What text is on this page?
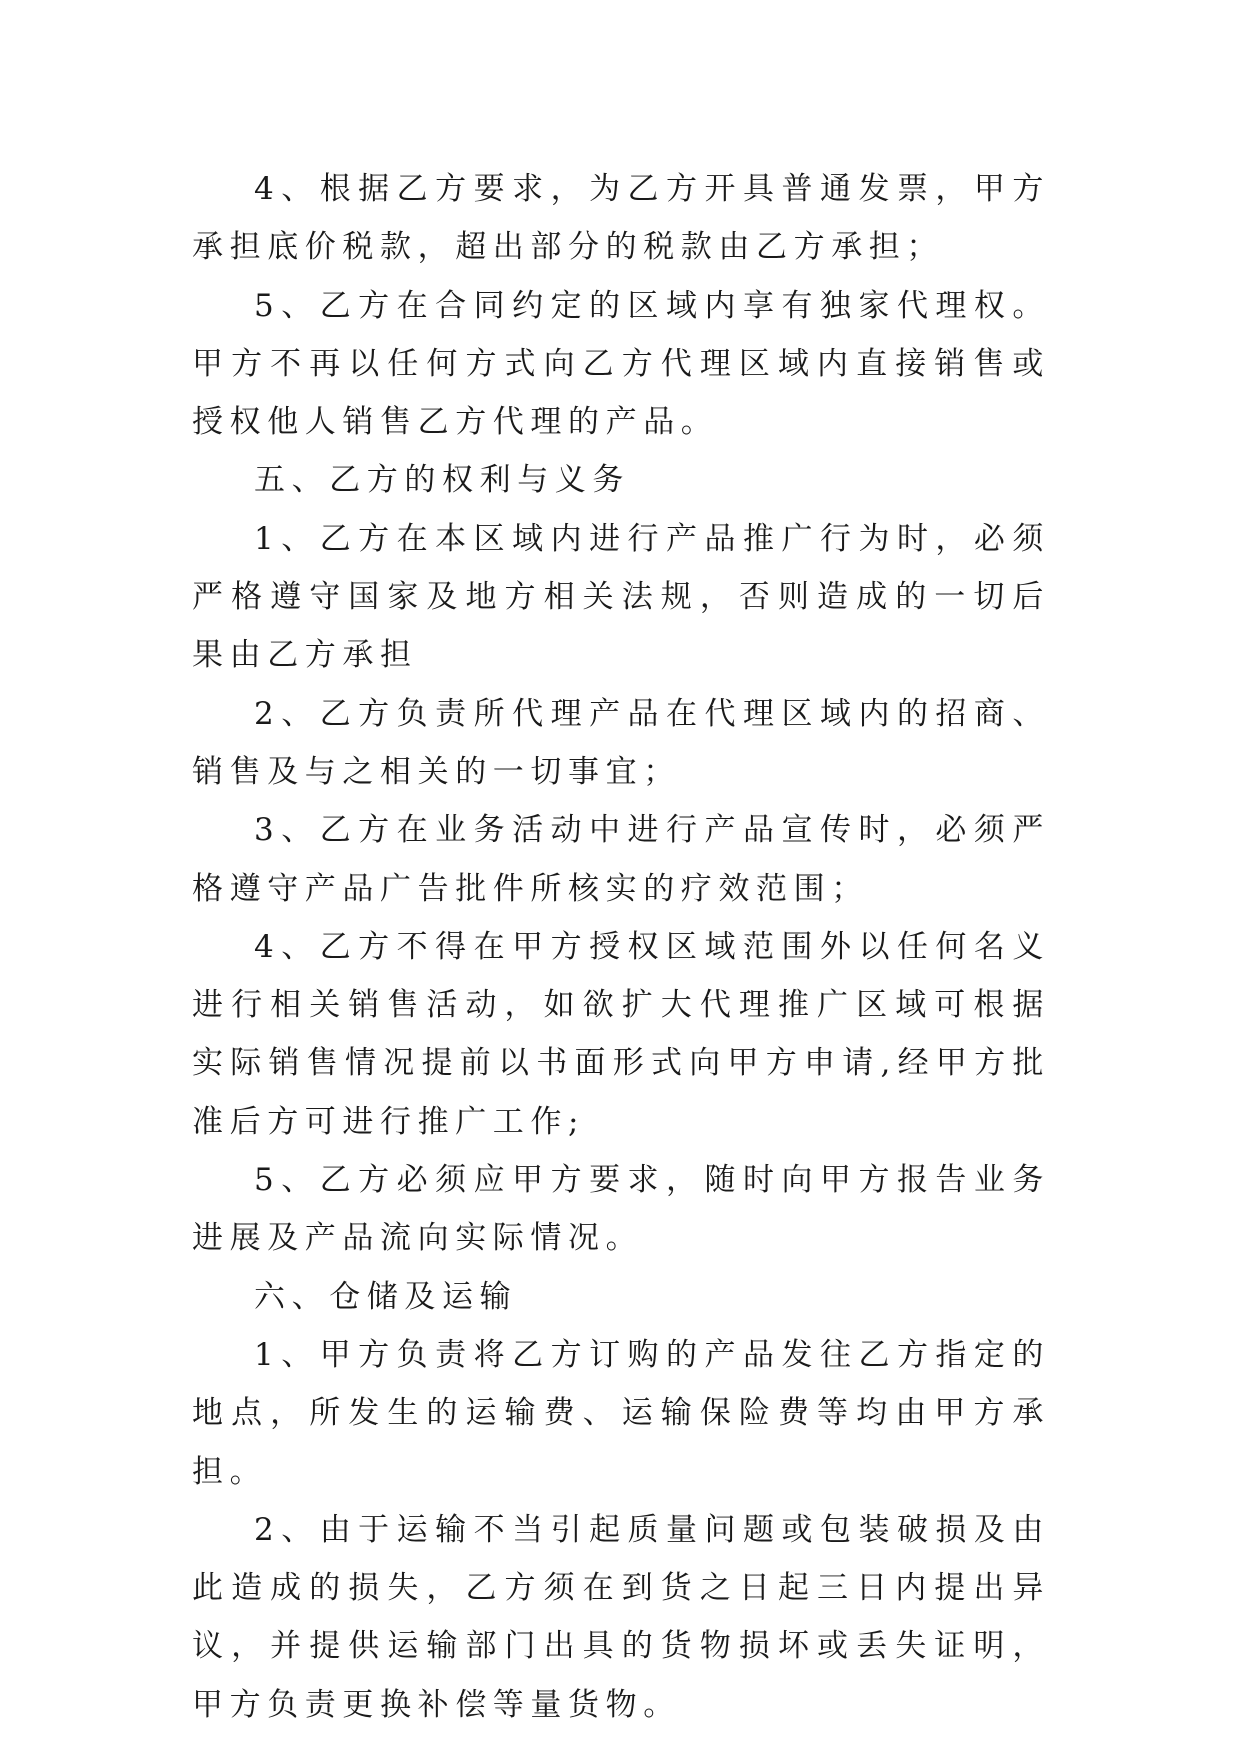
4、根据乙方要求，为乙方开具普通发票，甲方承担底价税款，超出部分的税款由乙方承担；

5、乙方在合同约定的区域内享有独家代理权。甲方不再以任何方式向乙方代理区域内直接销售或授权他人销售乙方代理的产品。

五、乙方的权利与义务

1、乙方在本区域内进行产品推广行为时，必须严格遵守国家及地方相关法规，否则造成的一切后果由乙方承担

2、乙方负责所代理产品在代理区域内的招商、销售及与之相关的一切事宜；

3、乙方在业务活动中进行产品宣传时，必须严格遵守产品广告批件所核实的疗效范围；

4、乙方不得在甲方授权区域范围外以任何名义进行相关销售活动，如欲扩大代理推广区域可根据实际销售情况提前以书面形式向甲方申请,经甲方批准后方可进行推广工作;

5、乙方必须应甲方要求，随时向甲方报告业务进展及产品流向实际情况。

六、仓储及运输

1、甲方负责将乙方订购的产品发往乙方指定的地点，所发生的运输费、运输保险费等均由甲方承担。

2、由于运输不当引起质量问题或包装破损及由此造成的损失，乙方须在到货之日起三日内提出异议，并提供运输部门出具的货物损坏或丢失证明，甲方负责更换补偿等量货物。
